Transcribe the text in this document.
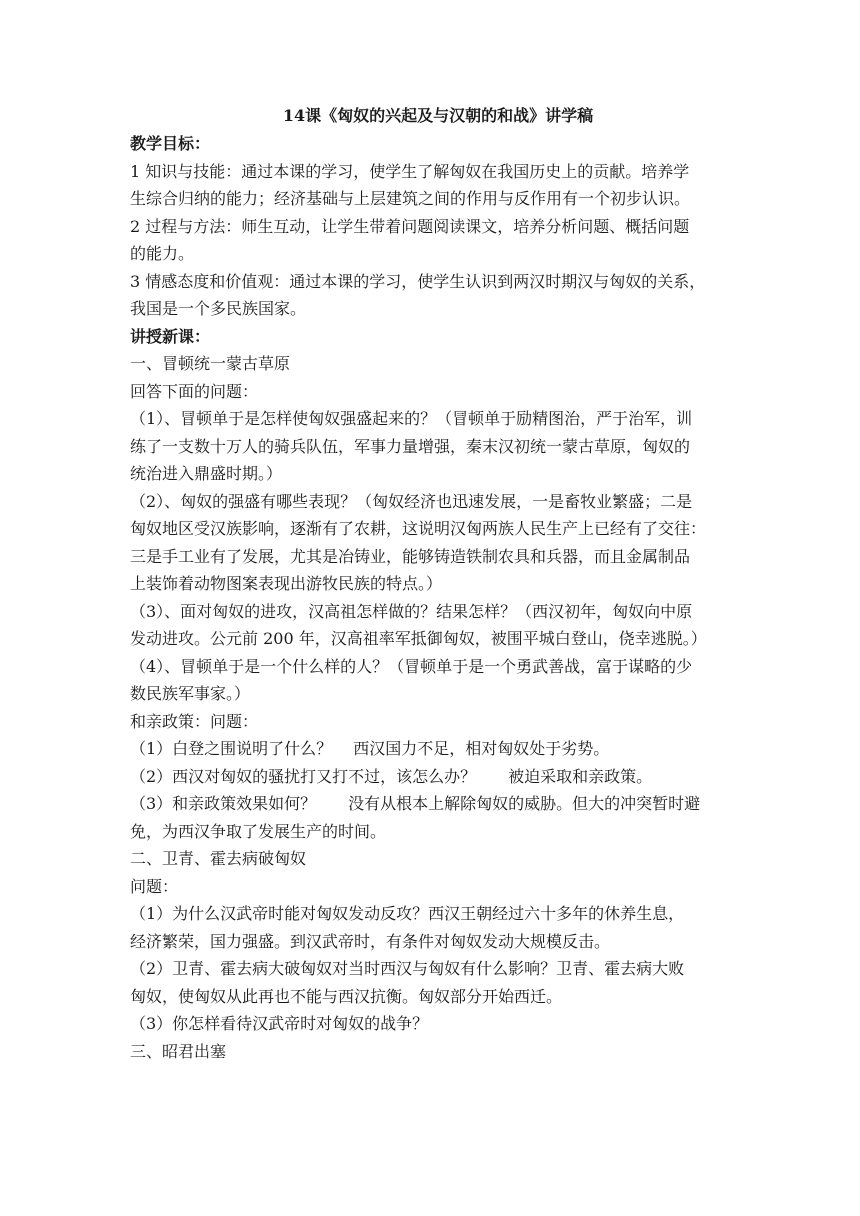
14课《匈奴的兴起及与汉朝的和战》讲学稿
教学目标：
1 知识与技能：通过本课的学习，使学生了解匈奴在我国历史上的贡献。培养学
生综合归纳的能力；经济基础与上层建筑之间的作用与反作用有一个初步认识。
2 过程与方法：师生互动，让学生带着问题阅读课文，培养分析问题、概括问题
的能力。
3 情感态度和价值观：通过本课的学习，使学生认识到两汉时期汉与匈奴的关系，
我国是一个多民族国家。
讲授新课：
一、冒顿统一蒙古草原
回答下面的问题：
（1）、冒顿单于是怎样使匈奴强盛起来的？（冒顿单于励精图治，严于治军，训
练了一支数十万人的骑兵队伍，军事力量增强，秦末汉初统一蒙古草原，匈奴的
统治进入鼎盛时期。）
（2）、匈奴的强盛有哪些表现？（匈奴经济也迅速发展，一是畜牧业繁盛；二是
匈奴地区受汉族影响，逐渐有了农耕，这说明汉匈两族人民生产上已经有了交往：
三是手工业有了发展，尤其是冶铸业，能够铸造铁制农具和兵器，而且金属制品
上装饰着动物图案表现出游牧民族的特点。）
（3）、面对匈奴的进攻，汉高祖怎样做的？结果怎样？（西汉初年，匈奴向中原
发动进攻。公元前 200 年，汉高祖率军抵御匈奴，被围平城白登山，侥幸逃脱。）
（4）、冒顿单于是一个什么样的人？（冒顿单于是一个勇武善战，富于谋略的少
数民族军事家。）
和亲政策：问题：
（1）白登之围说明了什么？　 西汉国力不足，相对匈奴处于劣势。
（2）西汉对匈奴的骚扰打又打不过，该怎么办？　　被迫采取和亲政策。
（3）和亲政策效果如何？　　没有从根本上解除匈奴的威胁。但大的冲突暂时避
免，为西汉争取了发展生产的时间。
二、卫青、霍去病破匈奴
问题：
（1）为什么汉武帝时能对匈奴发动反攻？西汉王朝经过六十多年的休养生息，
经济繁荣，国力强盛。到汉武帝时，有条件对匈奴发动大规模反击。
（2）卫青、霍去病大破匈奴对当时西汉与匈奴有什么影响？卫青、霍去病大败
匈奴，使匈奴从此再也不能与西汉抗衡。匈奴部分开始西迁。
（3）你怎样看待汉武帝时对匈奴的战争？
三、昭君出塞
